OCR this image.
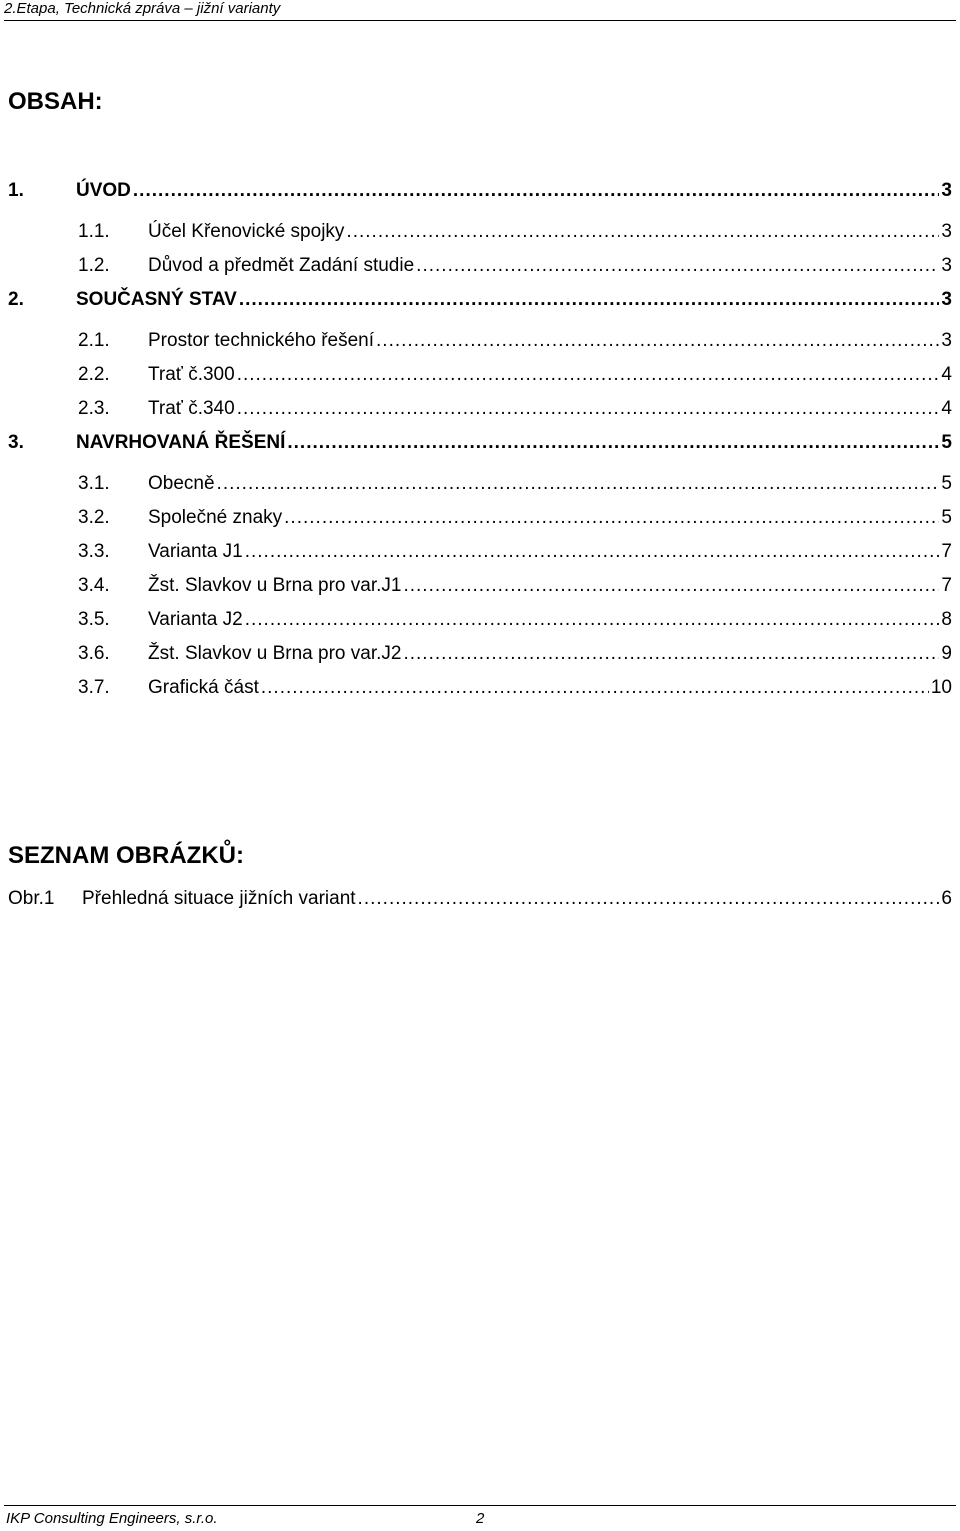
2.Etapa, Technická zpráva – jižní varianty
OBSAH:
1.	ÚVOD .....	3
1.1.	Účel Křenovické spojky .....	3
1.2.	Důvod a předmět Zadání studie .....	3
2.	SOUČASNÝ STAV .....	3
2.1.	Prostor technického řešení .....	3
2.2.	Trať č.300 .....	4
2.3.	Trať č.340 .....	4
3.	NAVRHOVANÁ ŘEŠENÍ .....	5
3.1.	Obecně .....	5
3.2.	Společné znaky .....	5
3.3.	Varianta J1 .....	7
3.4.	Žst. Slavkov u Brna pro var.J1 .....	7
3.5.	Varianta J2 .....	8
3.6.	Žst. Slavkov u Brna pro var.J2 .....	9
3.7.	Grafická část .....	10
SEZNAM OBRÁZKŮ:
Obr.1	Přehledná situace jižních variant .....	6
IKP Consulting Engineers, s.r.o.	2
